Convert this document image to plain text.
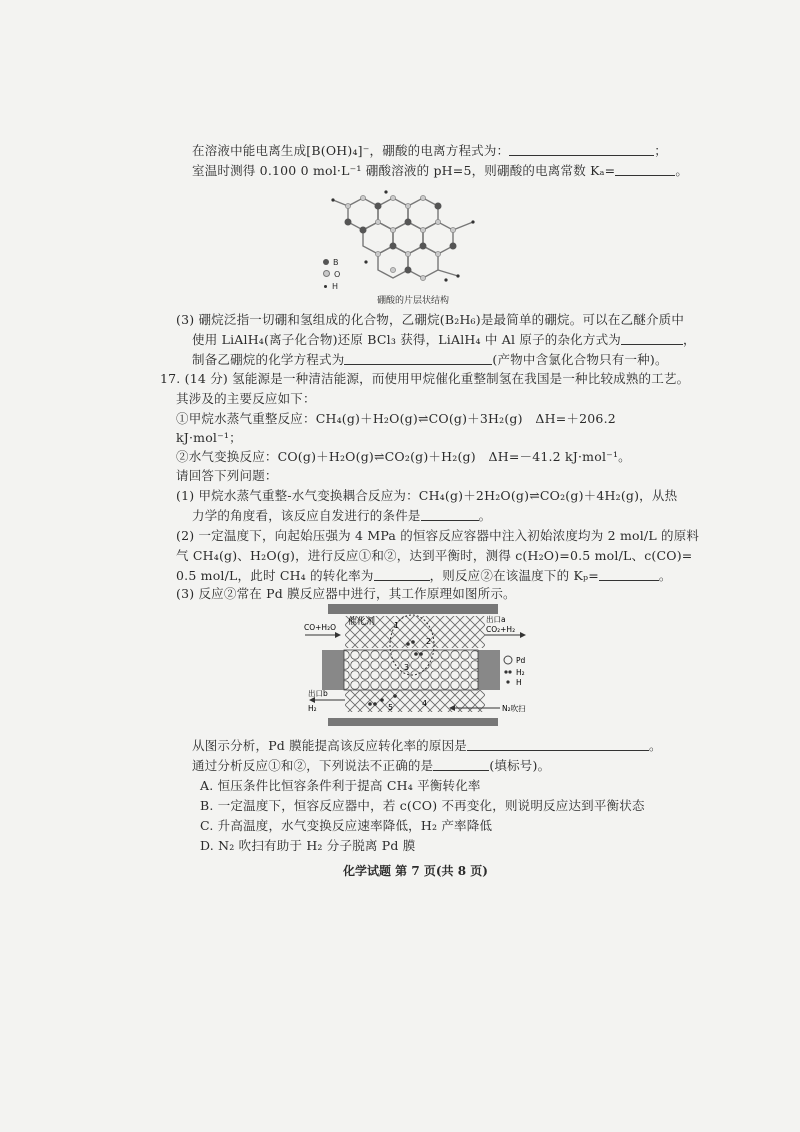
在溶液中能电离生成[B(OH)₄]⁻，硼酸的电离方程式为：	；
室温时测得 0.100 0 mol·L⁻¹ 硼酸溶液的 pH=5，则硼酸的电离常数 Kₐ=	。
B
O
H
硼酸的片层状结构
(3) 硼烷泛指一切硼和氢组成的化合物，乙硼烷(B₂H₆)是最简单的硼烷。可以在乙醚介质中
使用 LiAlH₄(离子化合物)还原 BCl₃ 获得，LiAlH₄ 中 Al 原子的杂化方式为	，
制备乙硼烷的化学方程式为	(产物中含氯化合物只有一种)。
17. (14 分) 氢能源是一种清洁能源，而使用甲烷催化重整制氢在我国是一种比较成熟的工艺。
其涉及的主要反应如下：
①甲烷水蒸气重整反应：CH₄(g)＋H₂O(g)⇌CO(g)＋3H₂(g)　ΔH=＋206.2
kJ·mol⁻¹；
②水气变换反应：CO(g)＋H₂O(g)⇌CO₂(g)＋H₂(g)　ΔH=－41.2 kJ·mol⁻¹。
请回答下列问题：
(1) 甲烷水蒸气重整-水气变换耦合反应为：CH₄(g)＋2H₂O(g)⇌CO₂(g)＋4H₂(g)，从热
力学的角度看，该反应自发进行的条件是	。
(2) 一定温度下，向起始压强为 4 MPa 的恒容反应容器中注入初始浓度均为 2 mol/L 的原料
气 CH₄(g)、H₂O(g)，进行反应①和②，达到平衡时，测得 c(H₂O)=0.5 mol/L、c(CO)=
0.5 mol/L，此时 CH₄ 的转化率为	，则反应②在该温度下的 Kₚ=	。
(3) 反应②常在 Pd 膜反应器中进行，其工作原理如图所示。
1
2
3
4
5
催化剂
CO+H₂O
出口a
CO₂+H₂
出口b
H₂	N₂吹扫
Pd
H₂
H
从图示分析，Pd 膜能提高该反应转化率的原因是	。
通过分析反应①和②，下列说法不正确的是	(填标号)。
A. 恒压条件比恒容条件利于提高 CH₄ 平衡转化率
B. 一定温度下，恒容反应器中，若 c(CO) 不再变化，则说明反应达到平衡状态
C. 升高温度，水气变换反应速率降低，H₂ 产率降低
D. N₂ 吹扫有助于 H₂ 分子脱离 Pd 膜
化学试题 第 7 页(共 8 页)
